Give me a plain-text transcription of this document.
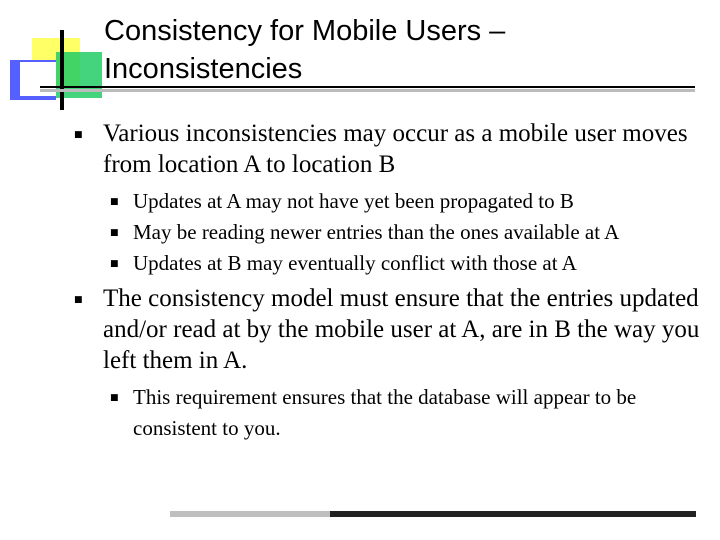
Consistency for Mobile Users –
Inconsistencies

■ Various inconsistencies may occur as a mobile user moves from location A to location B

■ Updates at A may not have yet been propagated to B

■ May be reading newer entries than the ones available at A

■ Updates at B may eventually conflict with those at A

■ The consistency model must ensure that the entries updated and/or read at by the mobile user at A, are in B the way you left them in A.

■ This requirement ensures that the database will appear to be consistent to you.
